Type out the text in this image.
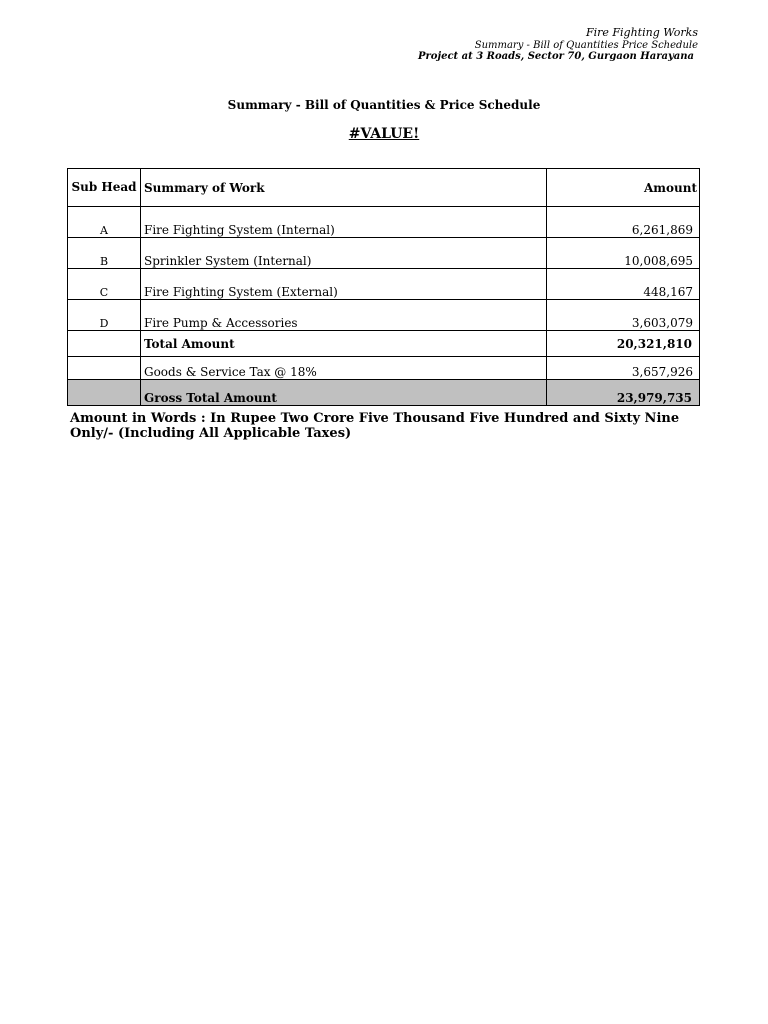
Fire Fighting Works
Summary - Bill of Quantities Price Schedule
Project at 3 Roads, Sector 70, Gurgaon Harayana
Summary - Bill of Quantities & Price Schedule
#VALUE!
Sub Head	Summary of Work	Amount
A	Fire Fighting System (Internal)	6,261,869
B	Sprinkler System (Internal)	10,008,695
C	Fire Fighting System (External)	448,167
D	Fire Pump & Accessories	3,603,079
	Total Amount	20,321,810
	Goods & Service Tax @ 18%	3,657,926
	Gross Total Amount	23,979,735
Amount in Words : In Rupee Two Crore Five Thousand Five Hundred and Sixty Nine Only/- (Including All Applicable Taxes)
